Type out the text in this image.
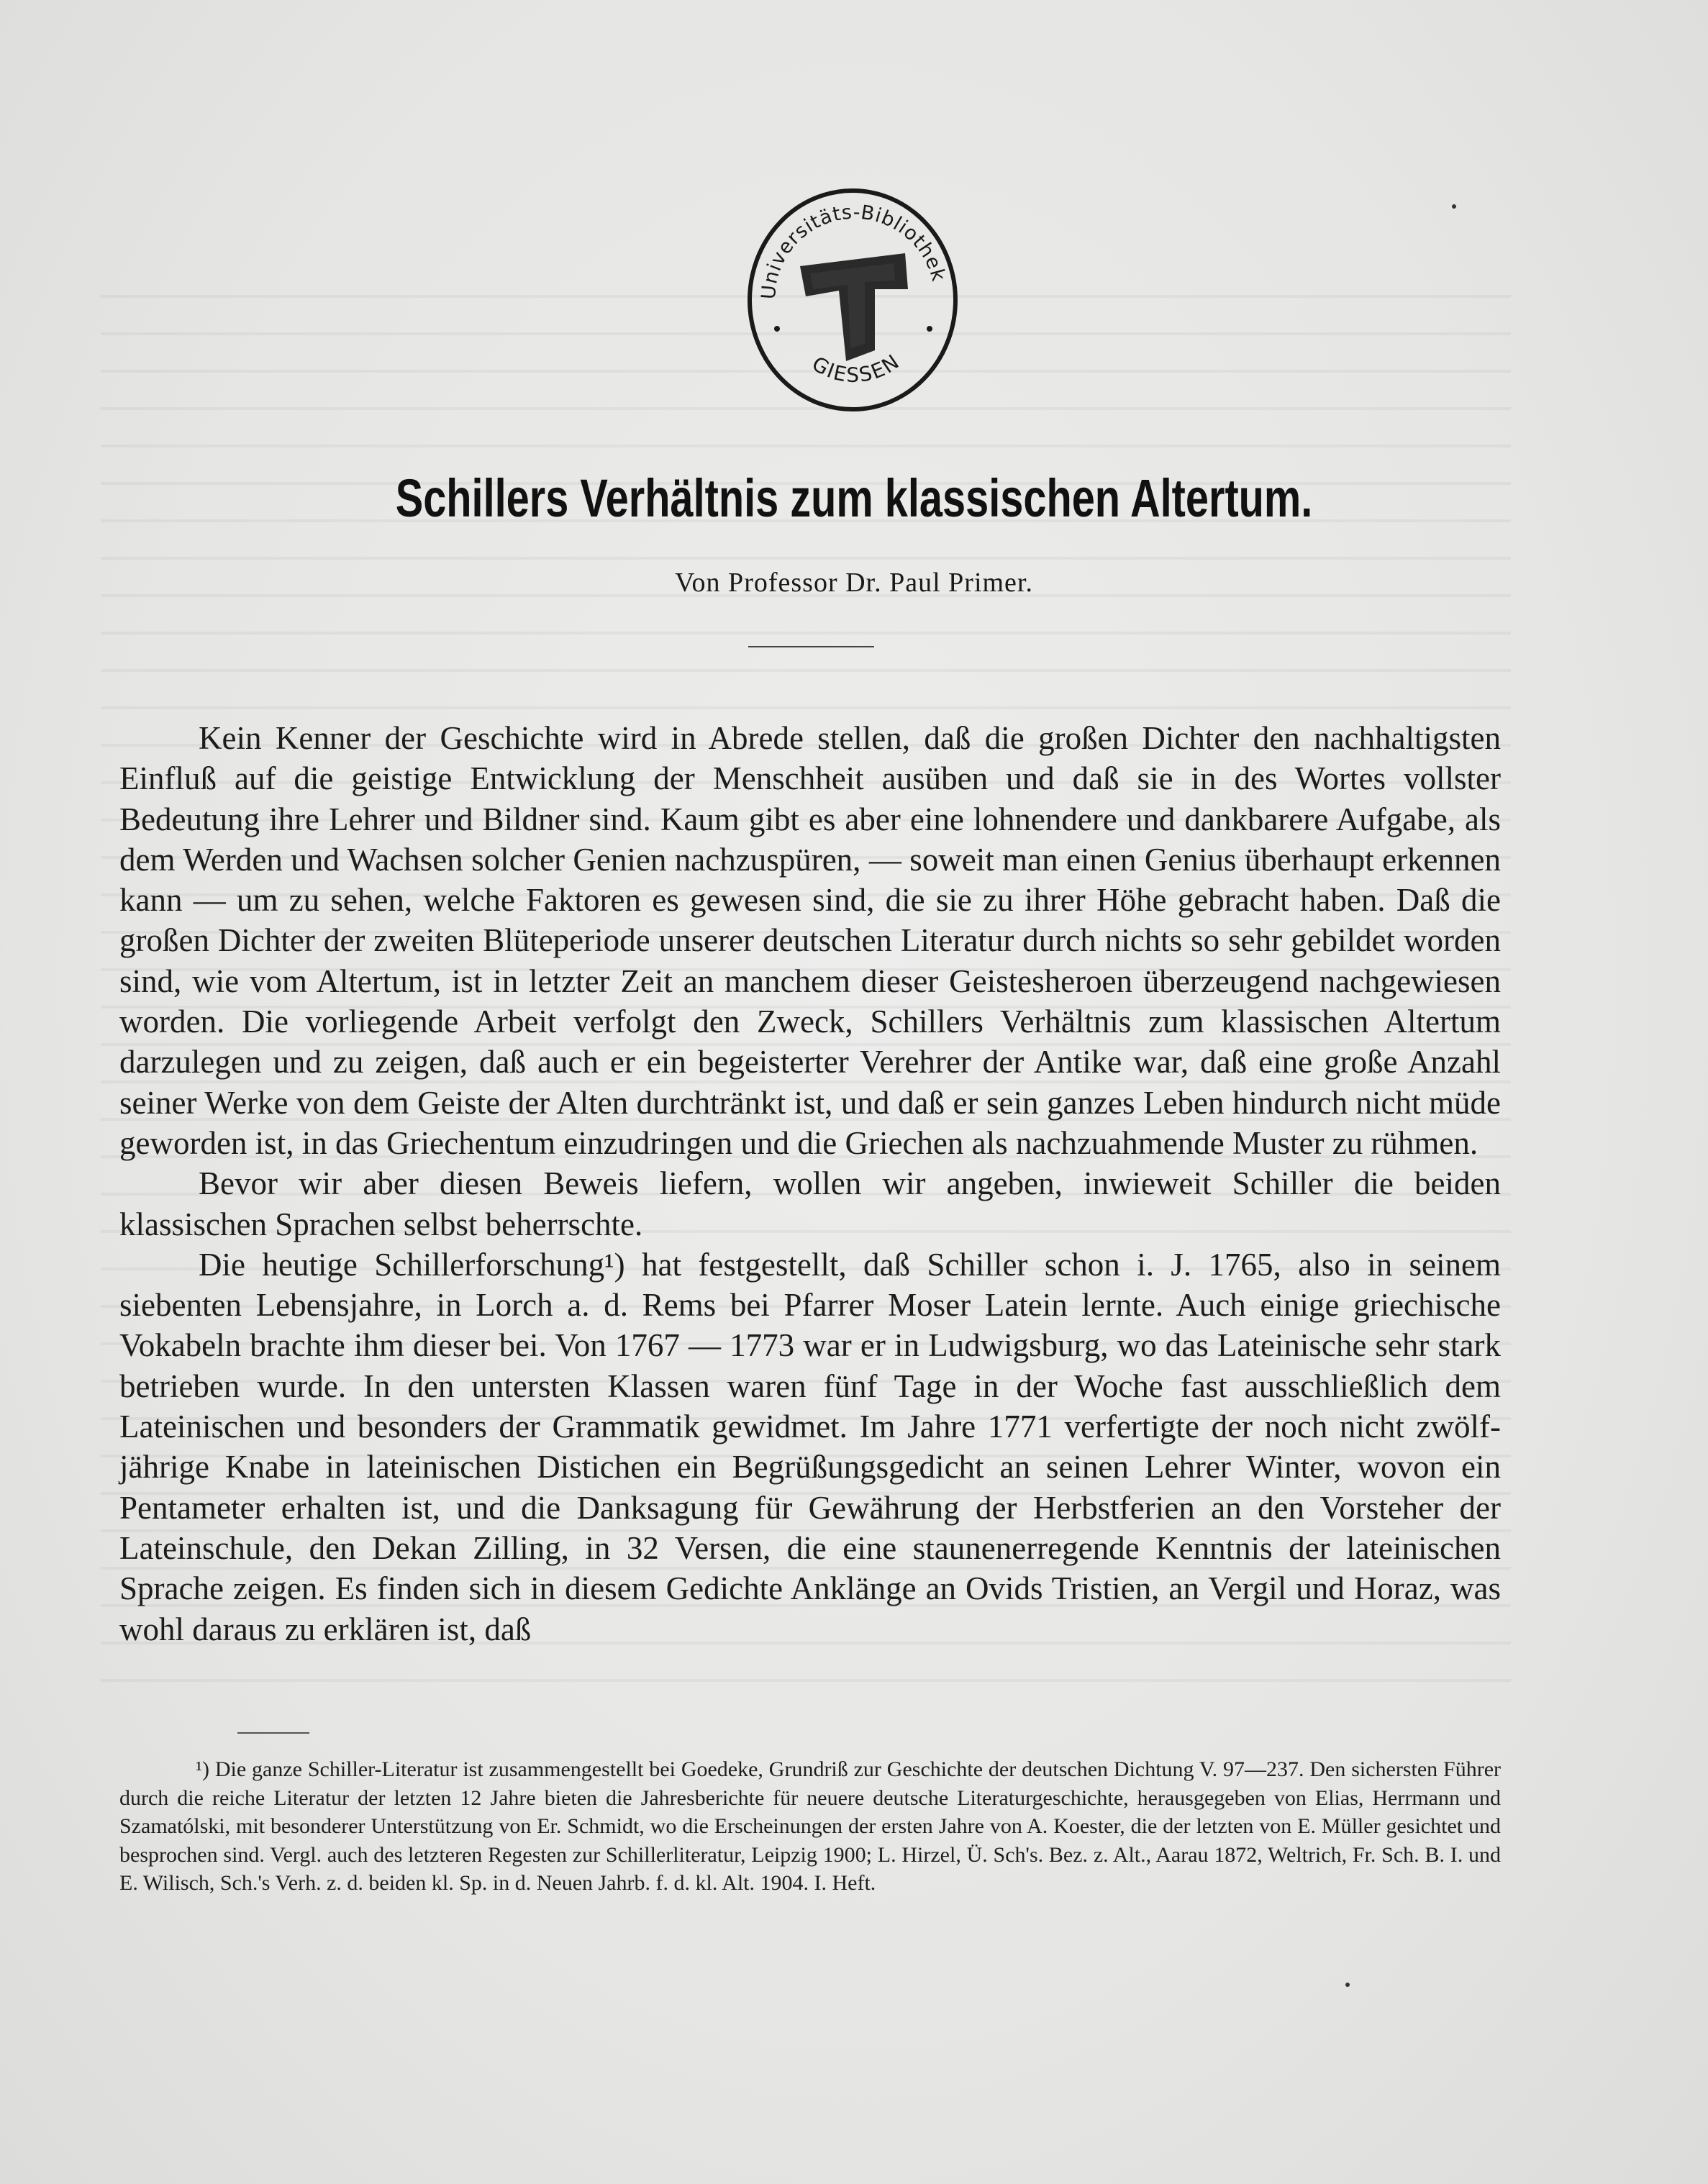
Universitäts-Bibliothek
GIESSEN
Schillers Verhältnis zum klassischen Altertum.
Von Professor Dr. Paul Primer.

Kein Kenner der Geschichte wird in Abrede stellen, daß die großen Dichter den nachhaltigsten Einfluß auf die geistige Entwicklung der Menschheit ausüben und daß sie in des Wortes vollster Bedeutung ihre Lehrer und Bildner sind. Kaum gibt es aber eine lohnendere und dankbarere Aufgabe, als dem Werden und Wachsen solcher Genien nachzuspüren, — soweit man einen Genius überhaupt erkennen kann — um zu sehen, welche Faktoren es gewesen sind, die sie zu ihrer Höhe gebracht haben. Daß die großen Dichter der zweiten Blüteperiode unserer deutschen Literatur durch nichts so sehr gebildet worden sind, wie vom Altertum, ist in letzter Zeit an manchem dieser Geistesheroen überzeugend nachgewiesen worden. Die vorliegende Arbeit verfolgt den Zweck, Schillers Verhältnis zum klassischen Altertum darzulegen und zu zeigen, daß auch er ein begeisterter Verehrer der Antike war, daß eine große Anzahl seiner Werke von dem Geiste der Alten durchtränkt ist, und daß er sein ganzes Leben hindurch nicht müde geworden ist, in das Griechentum einzudringen und die Griechen als nachzuahmende Muster zu rühmen.

Bevor wir aber diesen Beweis liefern, wollen wir angeben, inwieweit Schiller die beiden klassischen Sprachen selbst beherrschte.

Die heutige Schillerforschung¹) hat festgestellt, daß Schiller schon i. J. 1765, also in seinem siebenten Lebensjahre, in Lorch a. d. Rems bei Pfarrer Moser Latein lernte. Auch einige griechische Vokabeln brachte ihm dieser bei. Von 1767 — 1773 war er in Ludwigsburg, wo das Lateinische sehr stark betrieben wurde. In den untersten Klassen waren fünf Tage in der Woche fast ausschließlich dem Lateinischen und besonders der Grammatik gewidmet. Im Jahre 1771 verfertigte der noch nicht zwölfjährige Knabe in lateinischen Distichen ein Begrüßungsgedicht an seinen Lehrer Winter, wovon ein Pentameter erhalten ist, und die Danksagung für Gewährung der Herbstferien an den Vorsteher der Lateinschule, den Dekan Zilling, in 32 Versen, die eine staunenerregende Kenntnis der lateinischen Sprache zeigen. Es finden sich in diesem Gedichte Anklänge an Ovids Tristien, an Vergil und Horaz, was wohl daraus zu erklären ist, daß

¹) Die ganze Schiller-Literatur ist zusammengestellt bei Goedeke, Grundriß zur Geschichte der deutschen Dichtung V. 97—237. Den sichersten Führer durch die reiche Literatur der letzten 12 Jahre bieten die Jahresberichte für neuere deutsche Literaturgeschichte, herausgegeben von Elias, Herrmann und Szamatólski, mit besonderer Unterstützung von Er. Schmidt, wo die Erscheinungen der ersten Jahre von A. Koester, die der letzten von E. Müller gesichtet und besprochen sind. Vergl. auch des letzteren Regesten zur Schillerliteratur, Leipzig 1900; L. Hirzel, Ü. Sch's. Bez. z. Alt., Aarau 1872, Weltrich, Fr. Sch. B. I. und E. Wilisch, Sch.'s Verh. z. d. beiden kl. Sp. in d. Neuen Jahrb. f. d. kl. Alt. 1904. I. Heft.
